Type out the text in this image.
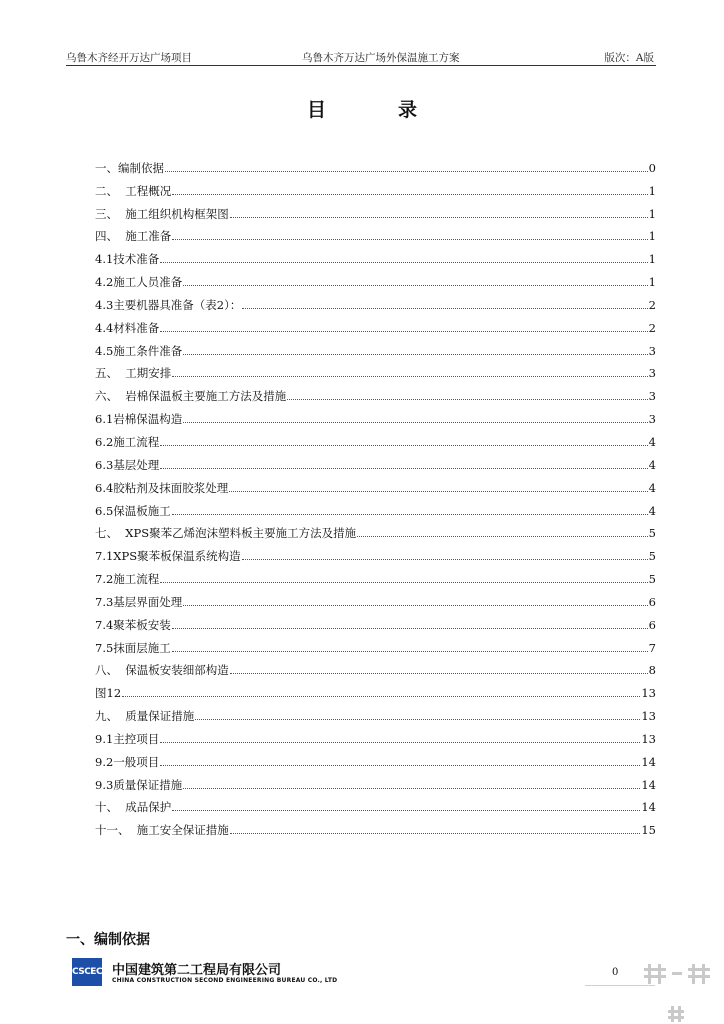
乌鲁木齐经开万达广场项目	乌鲁木齐万达广场外保温施工方案	版次：A版
目录
一、编制依据	0
二、  工程概况	1
三、  施工组织机构框架图	1
四、  施工准备	1
4.1技术准备	1
4.2施工人员准备	1
4.3主要机器具准备（表2）：	2
4.4材料准备	2
4.5施工条件准备	3
五、  工期安排	3
六、  岩棉保温板主要施工方法及措施	3
6.1岩棉保温构造	3
6.2施工流程	4
6.3基层处理	4
6.4胶粘剂及抹面胶浆处理	4
6.5保温板施工	4
七、  XPS聚苯乙烯泡沫塑料板主要施工方法及措施	5
7.1XPS聚苯板保温系统构造	5
7.2施工流程	5
7.3基层界面处理	6
7.4聚苯板安装	6
7.5抹面层施工	7
八、  保温板安装细部构造	8
图12	13
九、  质量保证措施	13
9.1主控项目	13
9.2一般项目	14
9.3质量保证措施	14
十、  成品保护	14
十一、  施工安全保证措施	15
一、编制依据
CSCEC 中国建筑第二工程局有限公司
CHINA CONSTRUCTION SECOND ENGINEERING BUREAU CO., LTD
0
